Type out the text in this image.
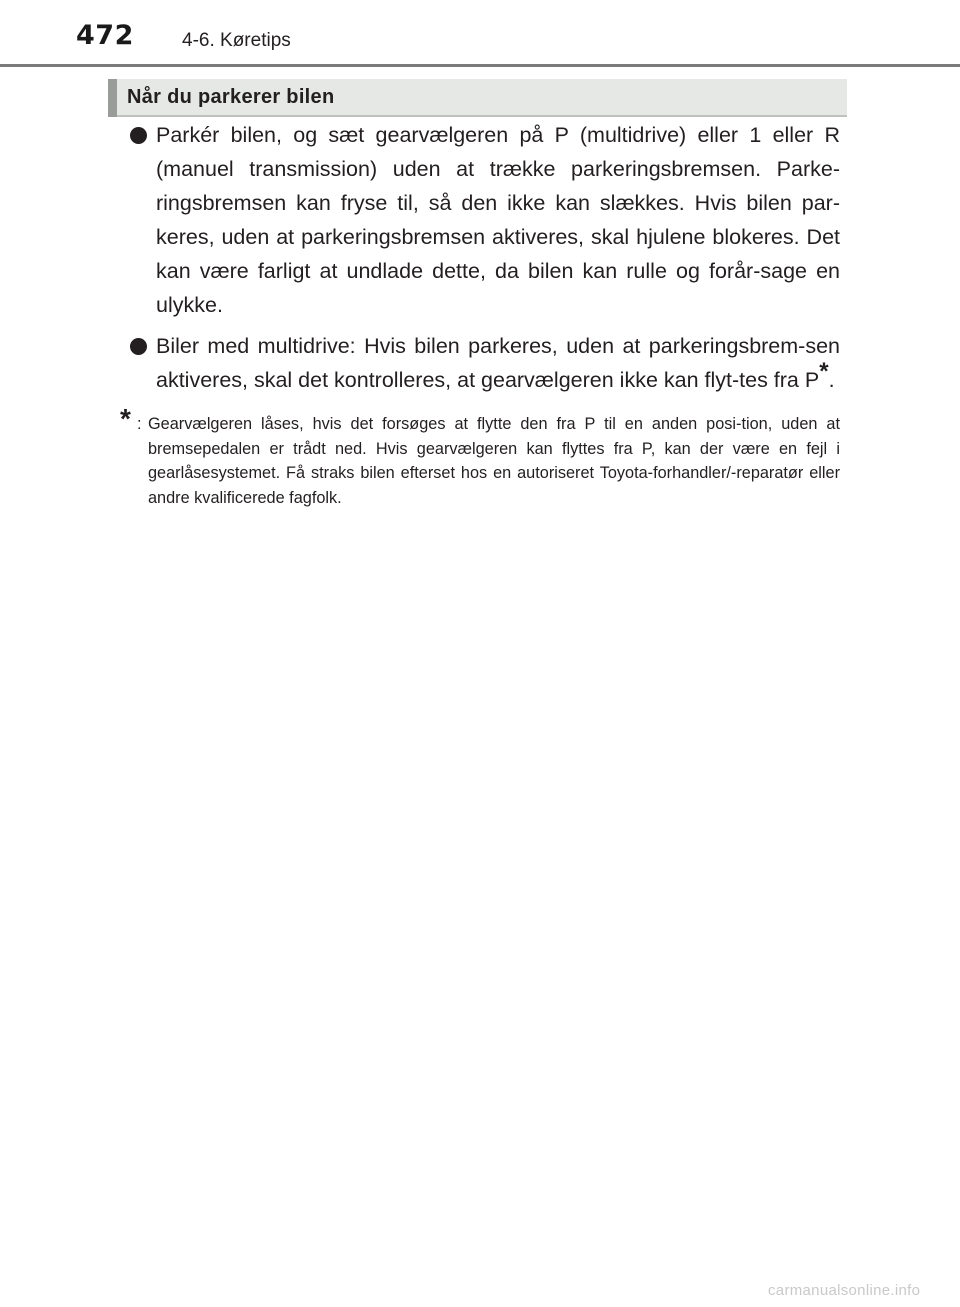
472	4-6. Køretips
Når du parkerer bilen

Parkér bilen, og sæt gearvælgeren på P (multidrive) eller 1 eller R (manuel transmission) uden at trække parkeringsbremsen. Parke-ringsbremsen kan fryse til, så den ikke kan slækkes. Hvis bilen par-keres, uden at parkeringsbremsen aktiveres, skal hjulene blokeres. Det kan være farligt at undlade dette, da bilen kan rulle og forår-sage en ulykke.

Biler med multidrive: Hvis bilen parkeres, uden at parkeringsbrem-sen aktiveres, skal det kontrolleres, at gearvælgeren ikke kan flyt-tes fra P*.

* : Gearvælgeren låses, hvis det forsøges at flytte den fra P til en anden posi-tion, uden at bremsepedalen er trådt ned. Hvis gearvælgeren kan flyttes fra P, kan der være en fejl i gearlåsesystemet. Få straks bilen efterset hos en autoriseret Toyota-forhandler/-reparatør eller andre kvalificerede fagfolk.
carmanualsonline.info
